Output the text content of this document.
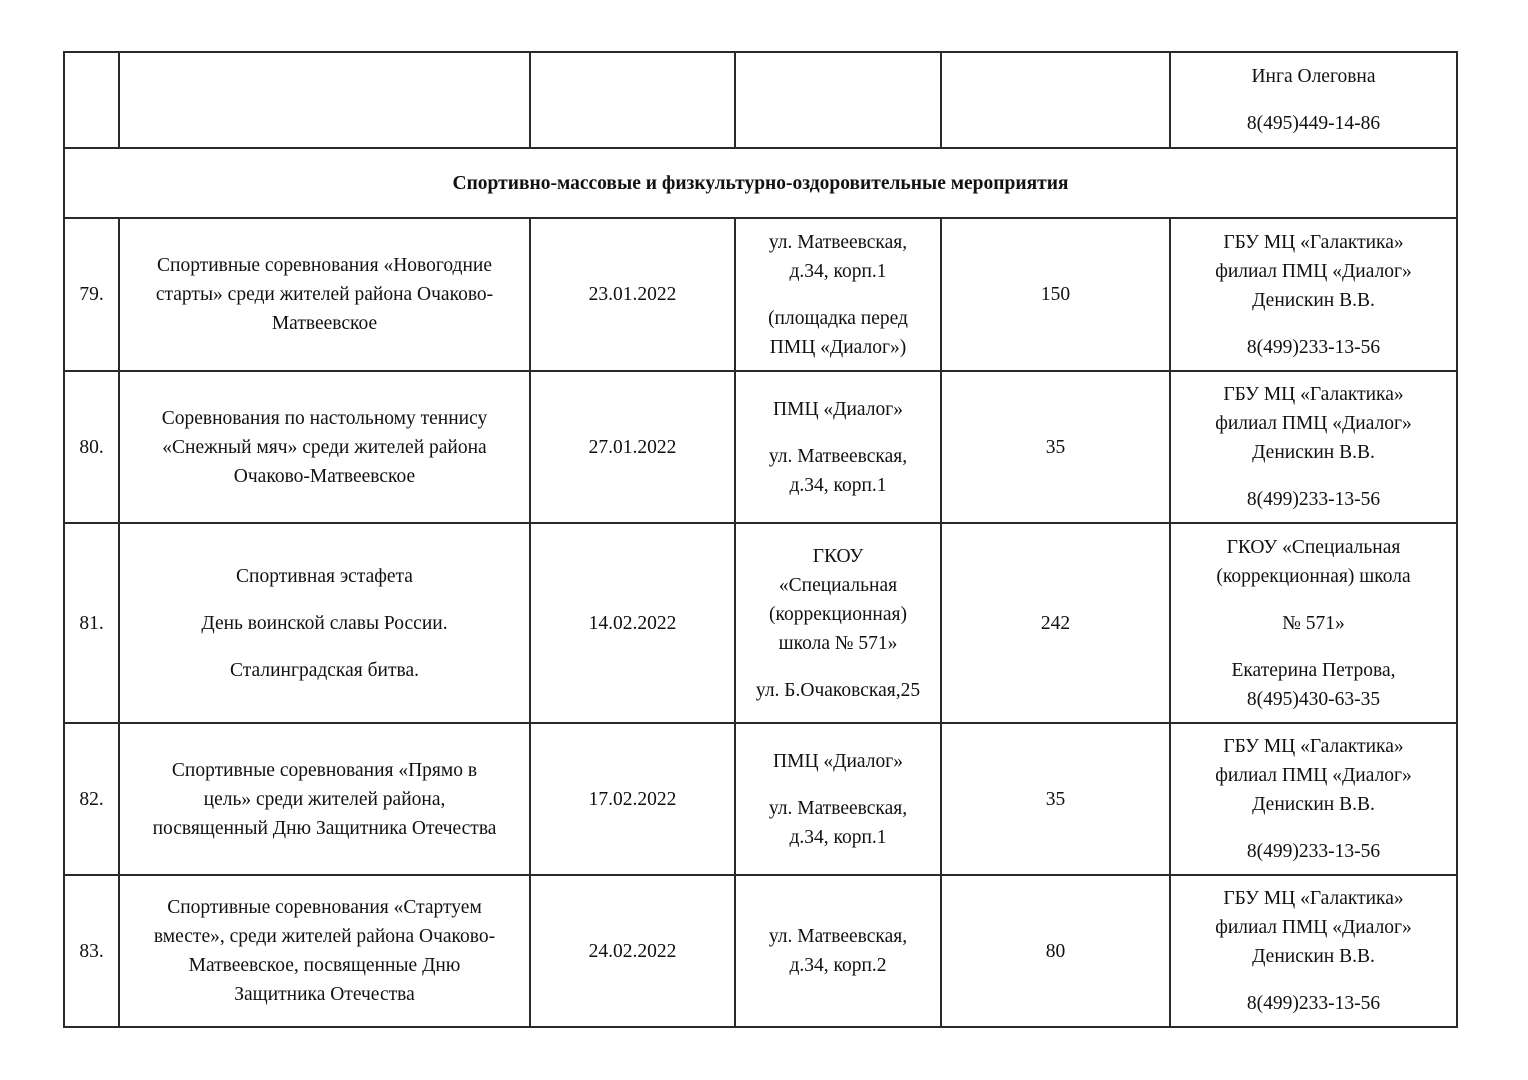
					Инга Олеговна
8(495)449-14-86

Спортивно-массовые и физкультурно-оздоровительные мероприятия					
79.	Спортивные соревнования «Новогодние
старты» среди жителей района Очаково-
Матвеевское	23.01.2022	ул. Матвеевская,
д.34, корп.1
(площадка перед
ПМЦ «Диалог»)	150	ГБУ МЦ «Галактика»
филиал ПМЦ «Диалог»
Денискин В.В.
8(499)233-13-56

80.	Соревнования по настольному теннису
«Снежный мяч» среди жителей района
Очаково-Матвеевское	27.01.2022	ПМЦ «Диалог»
ул. Матвеевская,
д.34, корп.1	35	ГБУ МЦ «Галактика»
филиал ПМЦ «Диалог»
Денискин В.В.
8(499)233-13-56

81.	Спортивная эстафета
День воинской славы России.
Сталинградская битва.	14.02.2022	ГКОУ
«Специальная
(коррекционная)
школа № 571»
ул. Б.Очаковская,25	242	ГКОУ «Специальная
(коррекционная) школа
№ 571»
Екатерина Петрова,
8(495)430-63-35

82.	Спортивные соревнования «Прямо в
цель» среди жителей района,
посвященный Дню Защитника Отечества	17.02.2022	ПМЦ «Диалог»
ул. Матвеевская,
д.34, корп.1	35	ГБУ МЦ «Галактика»
филиал ПМЦ «Диалог»
Денискин В.В.
8(499)233-13-56

83.	Спортивные соревнования «Стартуем
вместе», среди жителей района Очаково-
Матвеевское, посвященные Дню
Защитника Отечества	24.02.2022	ул. Матвеевская,
д.34, корп.2	80	ГБУ МЦ «Галактика»
филиал ПМЦ «Диалог»
Денискин В.В.
8(499)233-13-56
